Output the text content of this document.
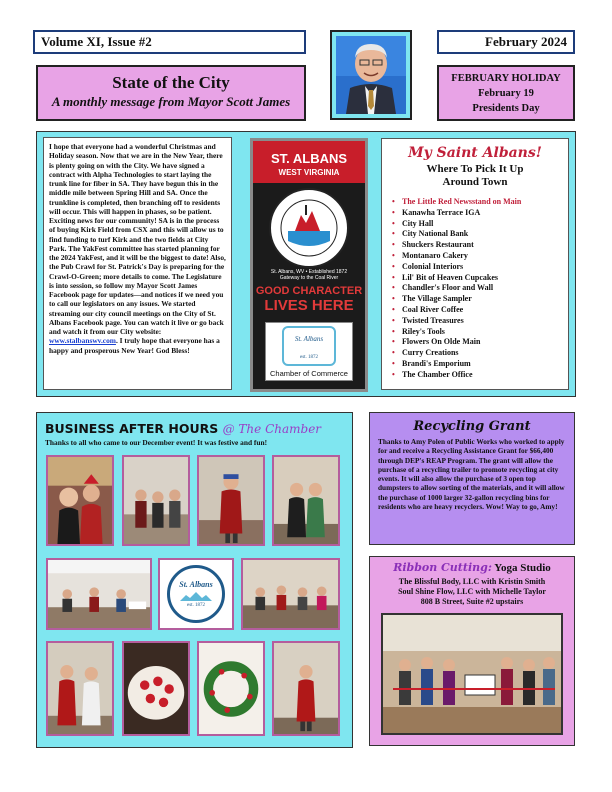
Volume XI, Issue #2	February 2024
State of the City
A monthly message from Mayor Scott James
FEBRUARY HOLIDAY
February 19
Presidents Day
I hope that everyone had a wonderful Christmas and Holiday season. Now that we are in the New Year, there is plenty going on with the City. We have signed a contract with Alpha Technologies to start laying the trunk line for fiber in SA. They have begun this in the middle mile between Spring Hill and SA. Once the trunkline is completed, then branching off to residents will occur. This will happen in phases, so be patient. Exciting news for our community! SA is in the process of buying Kirk Field from CSX and this will allow us to find funding to turf Kirk and the two fields at City Park. The YakFest committee has started planning for the 2024 YakFest, and it will be the biggest to date! Also, the Pub Crawl for St. Patrick's Day is preparing for the Crawl-O-Green; more details to come. The Legislature is into session, so follow my Mayor Scott James Facebook page for updates—and notices if we need you to call our legislators on any issues. We started streaming our city council meetings on the City of St. Albans Facebook page. You can watch it live or go back and watch it from our City website: www.stalbanswv.com. I truly hope that everyone has a happy and prosperous New Year! God Bless!
ST. ALBANS
WEST VIRGINIA
St. Albans, WV • Established 1872
Gateway to the Coal River
GOOD CHARACTER
LIVES HERE
St. Albans
est. 1872
Chamber of Commerce
My Saint Albans!
Where To Pick It Up
Around Town
• The Little Red Newsstand on Main
• Kanawha Terrace IGA
• City Hall
• City National Bank
• Shuckers Restaurant
• Montanaro Cakery
• Colonial Interiors
• Lil' Bit of Heaven Cupcakes
• Chandler's Floor and Wall
• The Village Sampler
• Coal River Coffee
• Twisted Treasures
• Riley's Tools
• Flowers On Olde Main
• Curry Creations
• Brandi's Emporium
• The Chamber Office
BUSINESS AFTER HOURS @ The Chamber
Thanks to all who came to our December event! It was festive and fun!
St. Albans
est. 1872
Recycling Grant
Thanks to Amy Polen of Public Works who worked to apply for and receive a Recycling Assistance Grant for $66,400 through DEP's REAP Program. The grant will allow the purchase of a recycling trailer to promote recycling at city events. It will also allow the purchase of 3 open top dumpsters to allow sorting of the materials, and it will allow the purchase of 1000 larger 32-gallon recycling bins for residents who are heavy recyclers. Wow! Way to go, Amy!
Ribbon Cutting: Yoga Studio
The Blissful Body, LLC with Kristin Smith
Soul Shine Flow, LLC with Michelle Taylor
808 B Street, Suite #2 upstairs
